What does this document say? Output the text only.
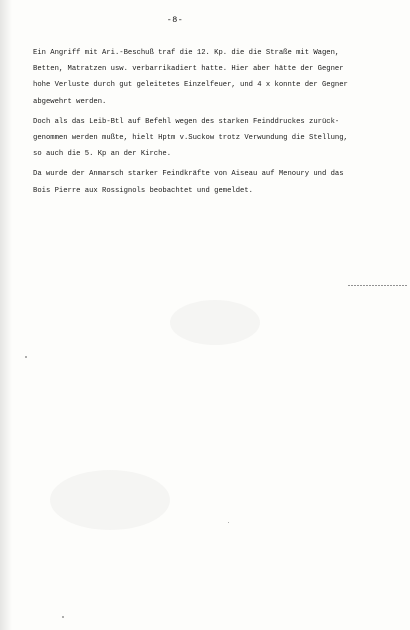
-8-
Ein Angriff mit Ari.-Beschuß traf die 12. Kp. die die Straße mit Wagen,
Betten, Matratzen usw. verbarrikadiert hatte. Hier aber hätte der Gegner
hohe Verluste durch gut geleitetes Einzelfeuer, und 4 x konnte der Gegner
abgewehrt werden.
Doch als das Leib-Btl auf Befehl wegen des starken Feinddruckes zurück-
genommen werden mußte, hielt Hptm v.Suckow trotz Verwundung die Stellung,
so auch die 5. Kp an der Kirche.
Da wurde der Anmarsch starker Feindkräfte von Aiseau auf Menoury und das
Bois Pierre aux Rossignols beobachtet und gemeldet.
